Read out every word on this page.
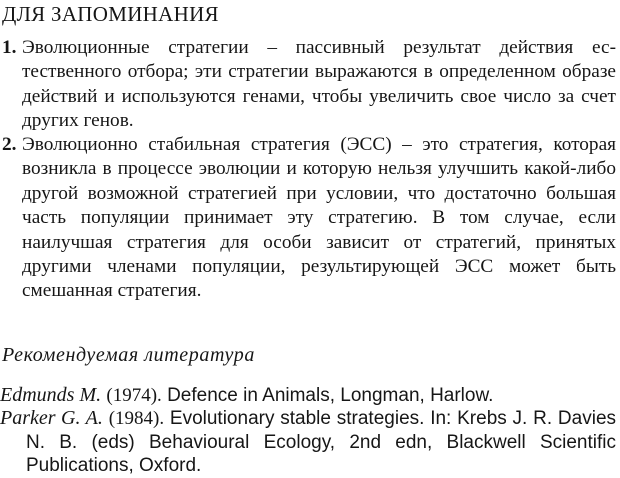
ДЛЯ ЗАПОМИНАНИЯ
1. Эволюционные стратегии – пассивный результат действия естественного отбора; эти стратегии выражаются в определенном образе действий и используются генами, чтобы увеличить свое число за счет других генов.
2. Эволюционно стабильная стратегия (ЭСС) – это стратегия, которая возникла в процессе эволюции и которую нельзя улучшить какой-либо другой возможной стратегией при условии, что достаточно большая часть популяции принимает эту стратегию. В том случае, если наилучшая стратегия для особи зависит от стратегий, принятых другими членами популяции, результирующей ЭСС может быть смешанная стратегия.
Рекомендуемая литература
Edmunds M. (1974). Defence in Animals, Longman, Harlow.
Parker G. A. (1984). Evolutionary stable strategies. In: Krebs J. R. Davies N. B. (eds) Behavioural Ecology, 2nd edn, Blackwell Scientific Publications, Oxford.
